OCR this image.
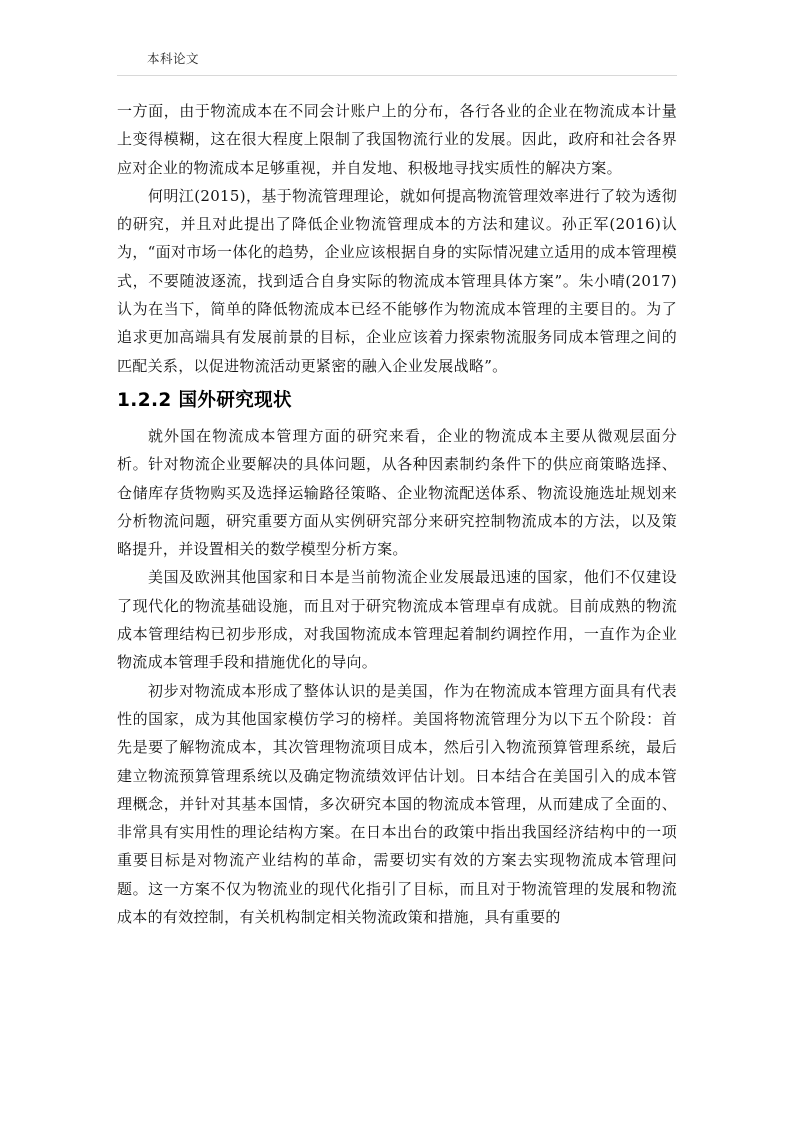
本科论文

一方面，由于物流成本在不同会计账户上的分布，各行各业的企业在物流成本计量上变得模糊，这在很大程度上限制了我国物流行业的发展。因此，政府和社会各界应对企业的物流成本足够重视，并自发地、积极地寻找实质性的解决方案。

何明江(2015)，基于物流管理理论，就如何提高物流管理效率进行了较为透彻的研究，并且对此提出了降低企业物流管理成本的方法和建议。孙正军(2016)认为，“面对市场一体化的趋势，企业应该根据自身的实际情况建立适用的成本管理模式，不要随波逐流，找到适合自身实际的物流成本管理具体方案”。朱小晴(2017)认为在当下，简单的降低物流成本已经不能够作为物流成本管理的主要目的。为了追求更加高端具有发展前景的目标，企业应该着力探索物流服务同成本管理之间的匹配关系，以促进物流活动更紧密的融入企业发展战略”。

1.2.2 国外研究现状

就外国在物流成本管理方面的研究来看，企业的物流成本主要从微观层面分析。针对物流企业要解决的具体问题，从各种因素制约条件下的供应商策略选择、仓储库存货物购买及选择运输路径策略、企业物流配送体系、物流设施选址规划来分析物流问题，研究重要方面从实例研究部分来研究控制物流成本的方法，以及策略提升，并设置相关的数学模型分析方案。

美国及欧洲其他国家和日本是当前物流企业发展最迅速的国家，他们不仅建设了现代化的物流基础设施，而且对于研究物流成本管理卓有成就。目前成熟的物流成本管理结构已初步形成，对我国物流成本管理起着制约调控作用，一直作为企业物流成本管理手段和措施优化的导向。

初步对物流成本形成了整体认识的是美国，作为在物流成本管理方面具有代表性的国家，成为其他国家模仿学习的榜样。美国将物流管理分为以下五个阶段：首先是要了解物流成本，其次管理物流项目成本，然后引入物流预算管理系统，最后建立物流预算管理系统以及确定物流绩效评估计划。日本结合在美国引入的成本管理概念，并针对其基本国情，多次研究本国的物流成本管理，从而建成了全面的、非常具有实用性的理论结构方案。在日本出台的政策中指出我国经济结构中的一项重要目标是对物流产业结构的革命，需要切实有效的方案去实现物流成本管理问题。这一方案不仅为物流业的现代化指引了目标，而且对于物流管理的发展和物流成本的有效控制，有关机构制定相关物流政策和措施，具有重要的
